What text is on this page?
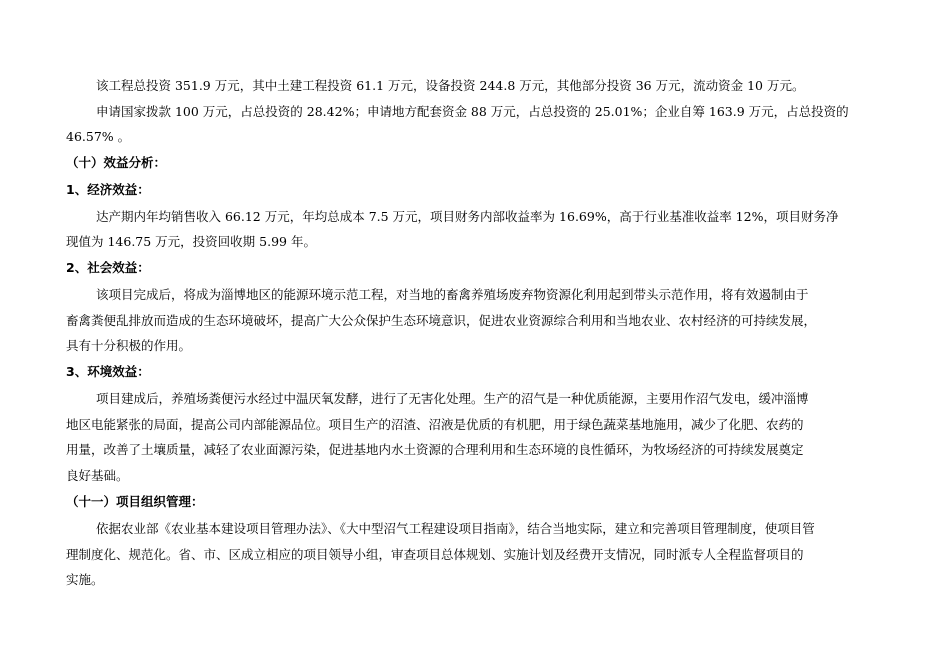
该工程总投资 351.9 万元，其中土建工程投资 61.1 万元，设备投资 244.8 万元，其他部分投资 36 万元，流动资金 10 万元。
申请国家拨款 100 万元，占总投资的 28.42%；申请地方配套资金 88 万元，占总投资的 25.01%；企业自筹 163.9 万元，占总投资的
46.57% 。
（十）效益分析：
1、经济效益：
达产期内年均销售收入 66.12 万元，年均总成本 7.5 万元，项目财务内部收益率为 16.69%，高于行业基准收益率 12%，项目财务净
现值为 146.75 万元，投资回收期 5.99 年。
2、社会效益：
该项目完成后，将成为淄博地区的能源环境示范工程，对当地的畜禽养殖场废弃物资源化利用起到带头示范作用，将有效遏制由于
畜禽粪便乱排放而造成的生态环境破坏，提高广大公众保护生态环境意识，促进农业资源综合利用和当地农业、农村经济的可持续发展，
具有十分积极的作用。
3、环境效益：
项目建成后，养殖场粪便污水经过中温厌氧发酵，进行了无害化处理。生产的沼气是一种优质能源，主要用作沼气发电，缓冲淄博
地区电能紧张的局面，提高公司内部能源品位。项目生产的沼渣、沼液是优质的有机肥，用于绿色蔬菜基地施用，减少了化肥、农药的
用量，改善了土壤质量，减轻了农业面源污染，促进基地内水土资源的合理利用和生态环境的良性循环，为牧场经济的可持续发展奠定
良好基础。
（十一）项目组织管理：
依据农业部《农业基本建设项目管理办法》、《大中型沼气工程建设项目指南》，结合当地实际，建立和完善项目管理制度，使项目管
理制度化、规范化。省、市、区成立相应的项目领导小组，审查项目总体规划、实施计划及经费开支情况，同时派专人全程监督项目的
实施。
